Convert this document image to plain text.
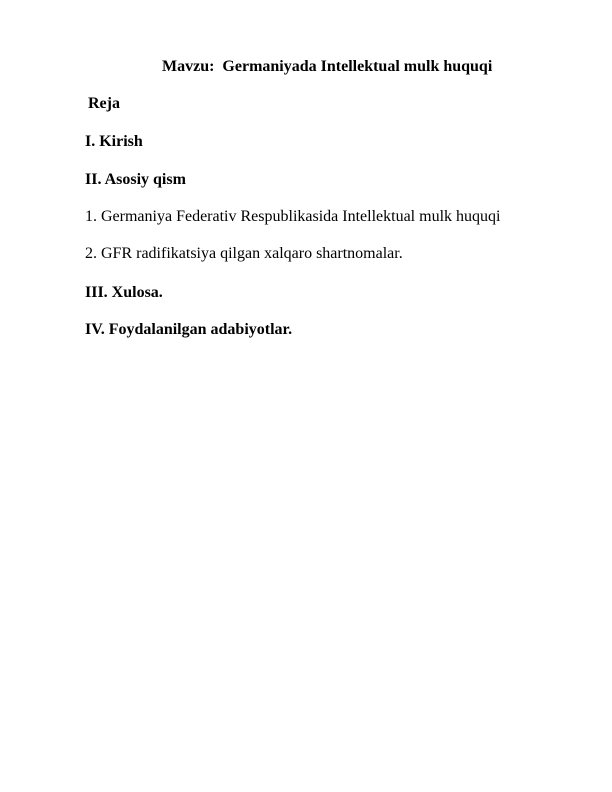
Mavzu:  Germaniyada Intellektual mulk huquqi
Reja
I. Kirish
II. Asosiy qism
1. Germaniya Federativ Respublikasida Intellektual mulk huquqi
2. GFR radifikatsiya qilgan xalqaro shartnomalar.
III. Xulosa.
IV. Foydalanilgan adabiyotlar.
